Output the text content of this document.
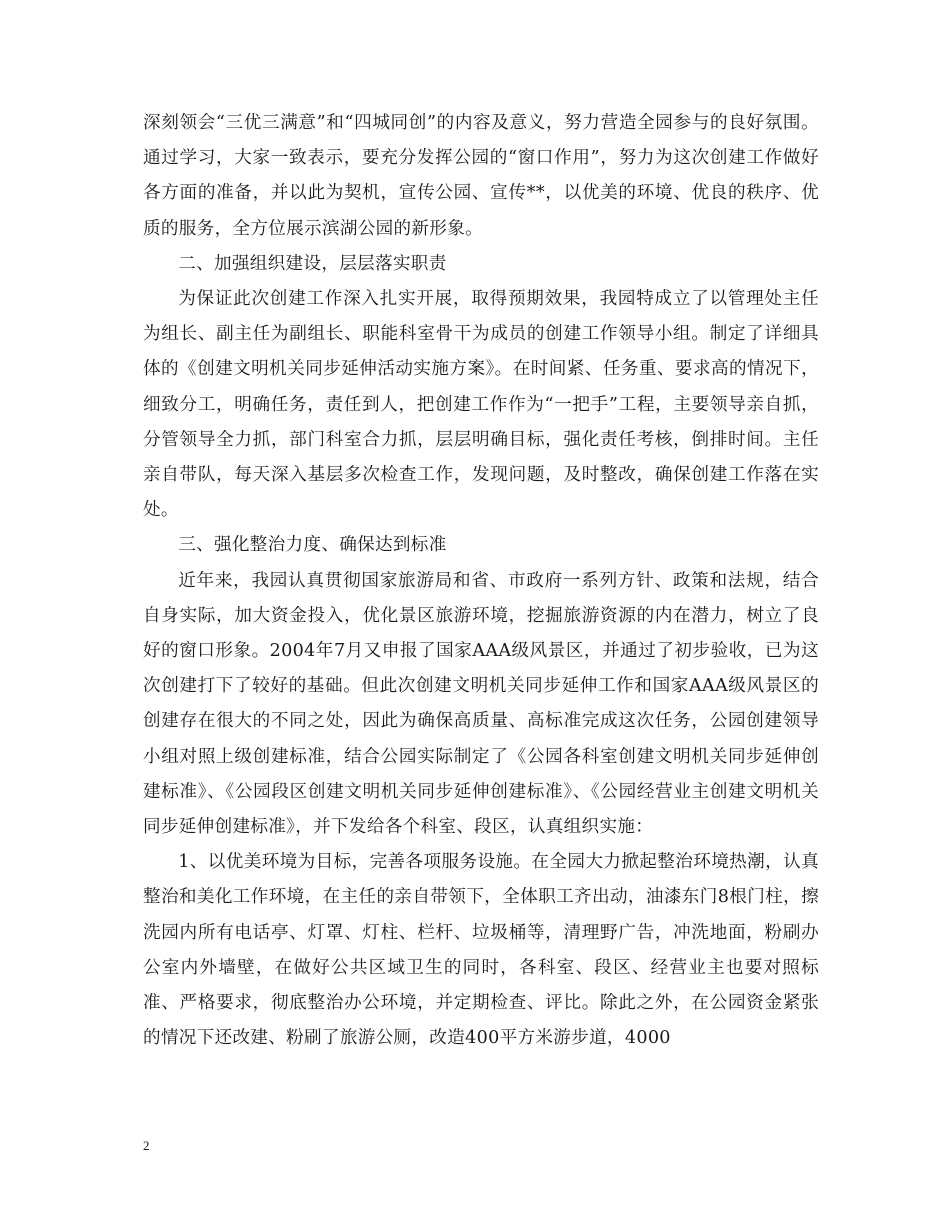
深刻领会“三优三满意”和“四城同创”的内容及意义，努力营造全园参与的良好氛围。通过学习，大家一致表示，要充分发挥公园的“窗口作用”，努力为这次创建工作做好各方面的准备，并以此为契机，宣传公园、宣传**，以优美的环境、优良的秩序、优质的服务，全方位展示滨湖公园的新形象。

二、加强组织建设，层层落实职责

为保证此次创建工作深入扎实开展，取得预期效果，我园特成立了以管理处主任为组长、副主任为副组长、职能科室骨干为成员的创建工作领导小组。制定了详细具体的《创建文明机关同步延伸活动实施方案》。在时间紧、任务重、要求高的情况下，细致分工，明确任务，责任到人，把创建工作作为“一把手”工程，主要领导亲自抓，分管领导全力抓，部门科室合力抓，层层明确目标，强化责任考核，倒排时间。主任亲自带队，每天深入基层多次检查工作，发现问题，及时整改，确保创建工作落在实处。

三、强化整治力度、确保达到标准

近年来，我园认真贯彻国家旅游局和省、市政府一系列方针、政策和法规，结合自身实际，加大资金投入，优化景区旅游环境，挖掘旅游资源的内在潜力，树立了良好的窗口形象。2004年7月又申报了国家AAA级风景区，并通过了初步验收，已为这次创建打下了较好的基础。但此次创建文明机关同步延伸工作和国家AAA级风景区的创建存在很大的不同之处，因此为确保高质量、高标准完成这次任务，公园创建领导小组对照上级创建标准，结合公园实际制定了《公园各科室创建文明机关同步延伸创建标准》、《公园段区创建文明机关同步延伸创建标准》、《公园经营业主创建文明机关同步延伸创建标准》，并下发给各个科室、段区，认真组织实施：

1、以优美环境为目标，完善各项服务设施。在全园大力掀起整治环境热潮，认真整治和美化工作环境，在主任的亲自带领下，全体职工齐出动，油漆东门8根门柱，擦洗园内所有电话亭、灯罩、灯柱、栏杆、垃圾桶等，清理野广告，冲洗地面，粉刷办公室内外墙壁，在做好公共区域卫生的同时，各科室、段区、经营业主也要对照标准、严格要求，彻底整治办公环境，并定期检查、评比。除此之外，在公园资金紧张的情况下还改建、粉刷了旅游公厕，改造400平方米游步道，4000

2
